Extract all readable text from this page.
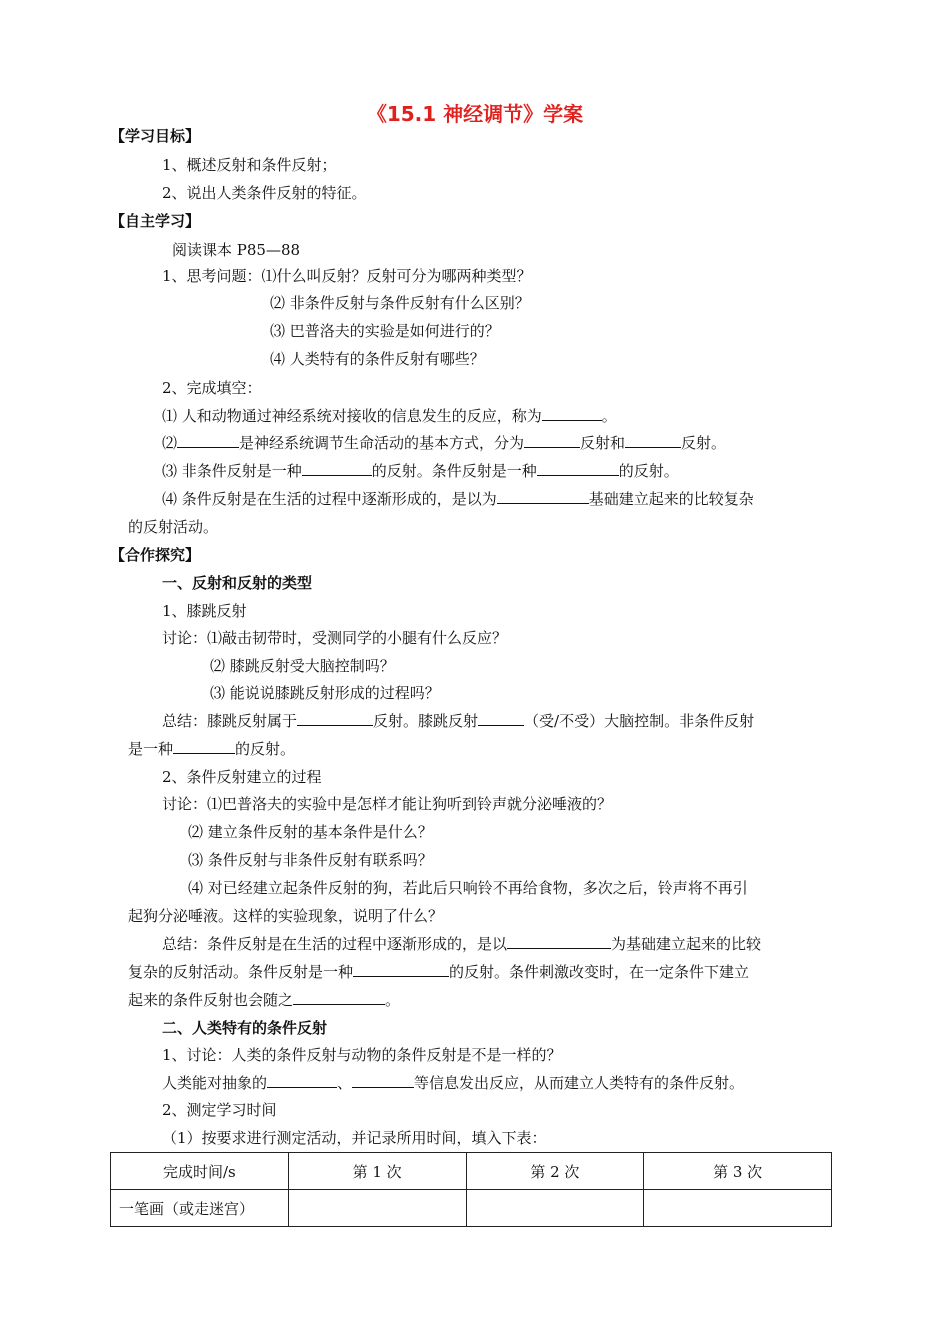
《15.1 神经调节》学案
【学习目标】
1、概述反射和条件反射；
2、说出人类条件反射的特征。
【自主学习】
阅读课本 P85—88
1、思考问题：⑴什么叫反射？反射可分为哪两种类型？
⑵ 非条件反射与条件反射有什么区别？
⑶ 巴普洛夫的实验是如何进行的？
⑷ 人类特有的条件反射有哪些？
2、完成填空：
⑴ 人和动物通过神经系统对接收的信息发生的反应，称为	。
⑵	是神经系统调节生命活动的基本方式，分为	反射和	反射。
⑶ 非条件反射是一种	的反射。条件反射是一种	的反射。
⑷ 条件反射是在生活的过程中逐渐形成的，是以为	基础建立起来的比较复杂
的反射活动。
【合作探究】
一、反射和反射的类型
1、膝跳反射
讨论：⑴敲击韧带时，受测同学的小腿有什么反应？
⑵ 膝跳反射受大脑控制吗？
⑶ 能说说膝跳反射形成的过程吗？
总结：膝跳反射属于	反射。膝跳反射	（受/不受）大脑控制。非条件反射
是一种	的反射。
2、条件反射建立的过程
讨论：⑴巴普洛夫的实验中是怎样才能让狗听到铃声就分泌唾液的？
⑵ 建立条件反射的基本条件是什么？
⑶ 条件反射与非条件反射有联系吗？
⑷ 对已经建立起条件反射的狗，若此后只响铃不再给食物，多次之后，铃声将不再引
起狗分泌唾液。这样的实验现象，说明了什么？
总结：条件反射是在生活的过程中逐渐形成的，是以	为基础建立起来的比较
复杂的反射活动。条件反射是一种	的反射。条件刺激改变时，在一定条件下建立
起来的条件反射也会随之	。
二、人类特有的条件反射
1、讨论：人类的条件反射与动物的条件反射是不是一样的？
人类能对抽象的	、	等信息发出反应，从而建立人类特有的条件反射。
2、测定学习时间
（1）按要求进行测定活动，并记录所用时间，填入下表：
完成时间/s	第 1 次	第 2 次	第 3 次
一笔画（或走迷宫）			
